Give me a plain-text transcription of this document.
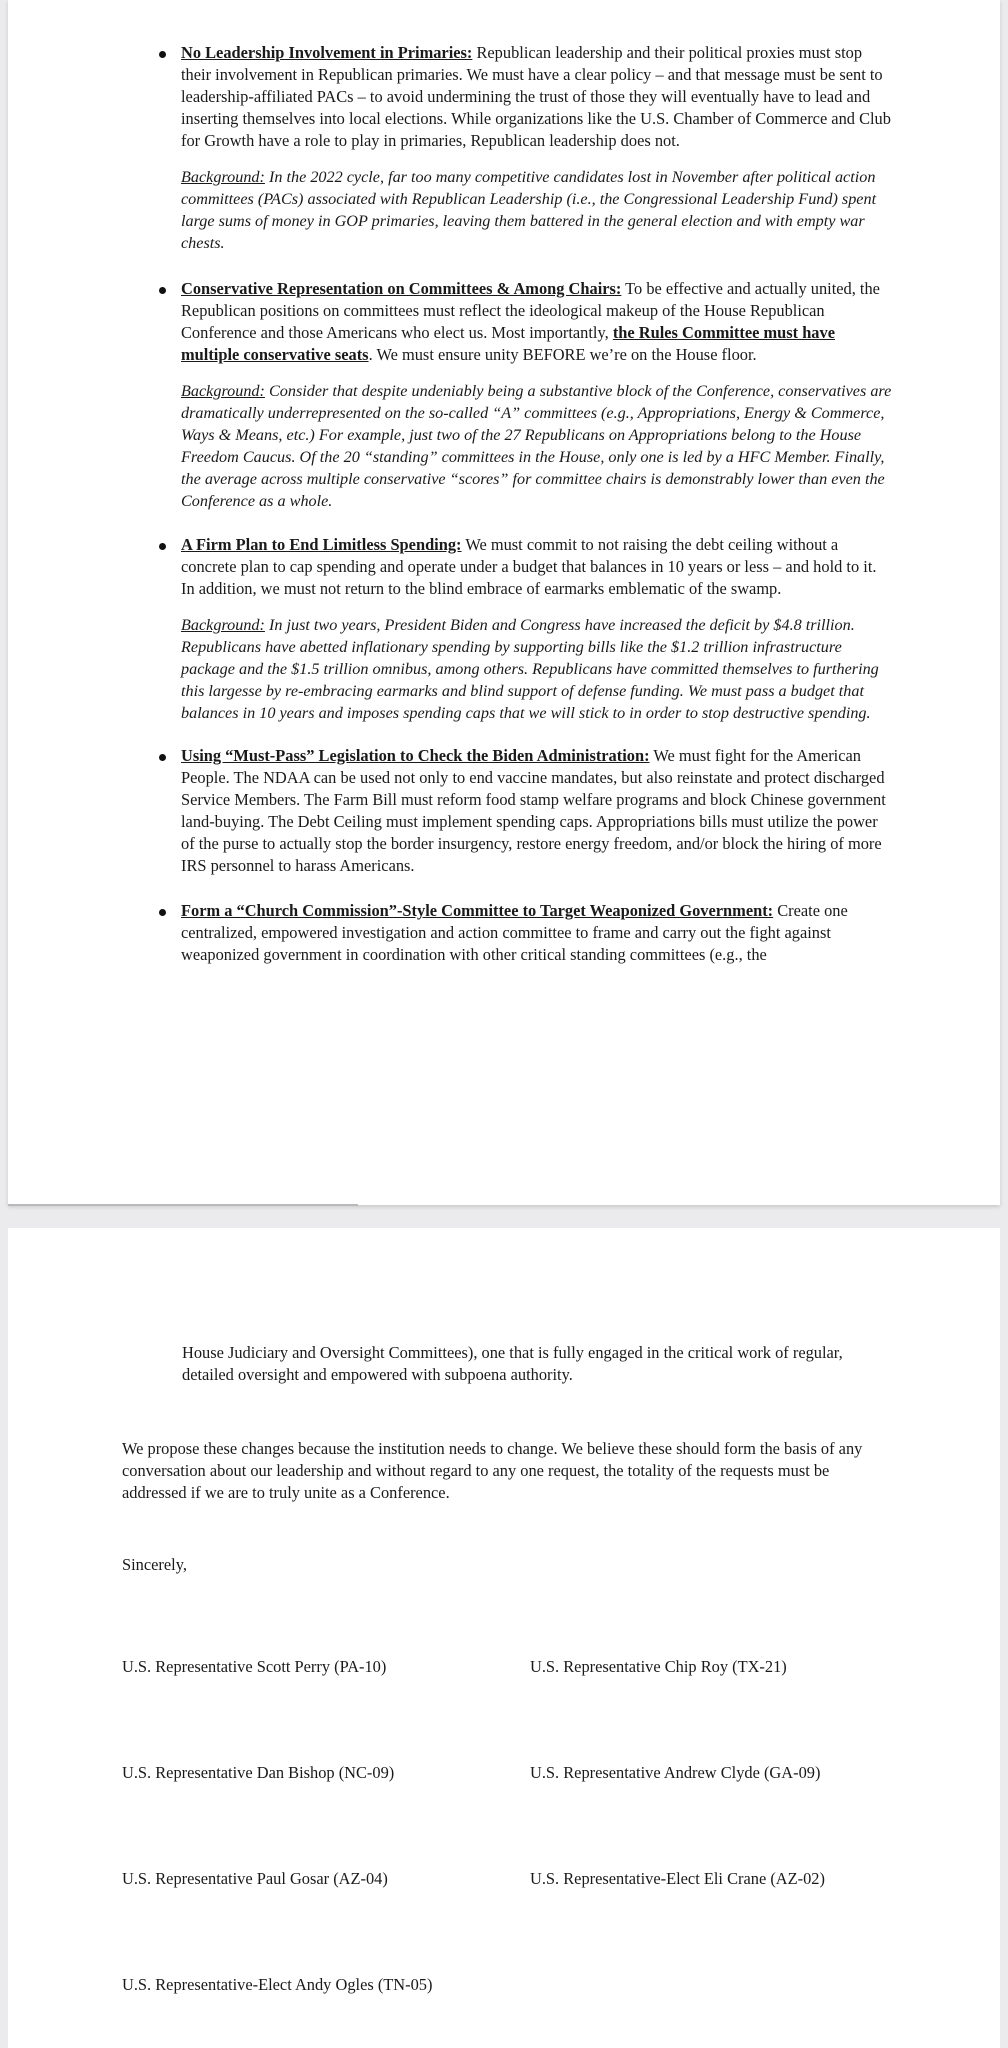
No Leadership Involvement in Primaries: Republican leadership and their political proxies must stop their involvement in Republican primaries. We must have a clear policy – and that message must be sent to leadership-affiliated PACs – to avoid undermining the trust of those they will eventually have to lead and inserting themselves into local elections. While organizations like the U.S. Chamber of Commerce and Club for Growth have a role to play in primaries, Republican leadership does not.

Background: In the 2022 cycle, far too many competitive candidates lost in November after political action committees (PACs) associated with Republican Leadership (i.e., the Congressional Leadership Fund) spent large sums of money in GOP primaries, leaving them battered in the general election and with empty war chests.

Conservative Representation on Committees & Among Chairs: To be effective and actually united, the Republican positions on committees must reflect the ideological makeup of the House Republican Conference and those Americans who elect us. Most importantly, the Rules Committee must have multiple conservative seats. We must ensure unity BEFORE we’re on the House floor.

Background: Consider that despite undeniably being a substantive block of the Conference, conservatives are dramatically underrepresented on the so-called “A” committees (e.g., Appropriations, Energy & Commerce, Ways & Means, etc.) For example, just two of the 27 Republicans on Appropriations belong to the House Freedom Caucus. Of the 20 “standing” committees in the House, only one is led by a HFC Member. Finally, the average across multiple conservative “scores” for committee chairs is demonstrably lower than even the Conference as a whole.

A Firm Plan to End Limitless Spending: We must commit to not raising the debt ceiling without a concrete plan to cap spending and operate under a budget that balances in 10 years or less – and hold to it. In addition, we must not return to the blind embrace of earmarks emblematic of the swamp.

Background: In just two years, President Biden and Congress have increased the deficit by $4.8 trillion. Republicans have abetted inflationary spending by supporting bills like the $1.2 trillion infrastructure package and the $1.5 trillion omnibus, among others. Republicans have committed themselves to furthering this largesse by re-embracing earmarks and blind support of defense funding. We must pass a budget that balances in 10 years and imposes spending caps that we will stick to in order to stop destructive spending.

Using “Must-Pass” Legislation to Check the Biden Administration: We must fight for the American People. The NDAA can be used not only to end vaccine mandates, but also reinstate and protect discharged Service Members. The Farm Bill must reform food stamp welfare programs and block Chinese government land-buying. The Debt Ceiling must implement spending caps. Appropriations bills must utilize the power of the purse to actually stop the border insurgency, restore energy freedom, and/or block the hiring of more IRS personnel to harass Americans.

Form a “Church Commission”-Style Committee to Target Weaponized Government: Create one centralized, empowered investigation and action committee to frame and carry out the fight against weaponized government in coordination with other critical standing committees (e.g., the

House Judiciary and Oversight Committees), one that is fully engaged in the critical work of regular, detailed oversight and empowered with subpoena authority.

We propose these changes because the institution needs to change. We believe these should form the basis of any conversation about our leadership and without regard to any one request, the totality of the requests must be addressed if we are to truly unite as a Conference.

Sincerely,

U.S. Representative Scott Perry (PA-10)	U.S. Representative Chip Roy (TX-21)

U.S. Representative Dan Bishop (NC-09)	U.S. Representative Andrew Clyde (GA-09)

U.S. Representative Paul Gosar (AZ-04)	U.S. Representative-Elect Eli Crane (AZ-02)

U.S. Representative-Elect Andy Ogles (TN-05)
